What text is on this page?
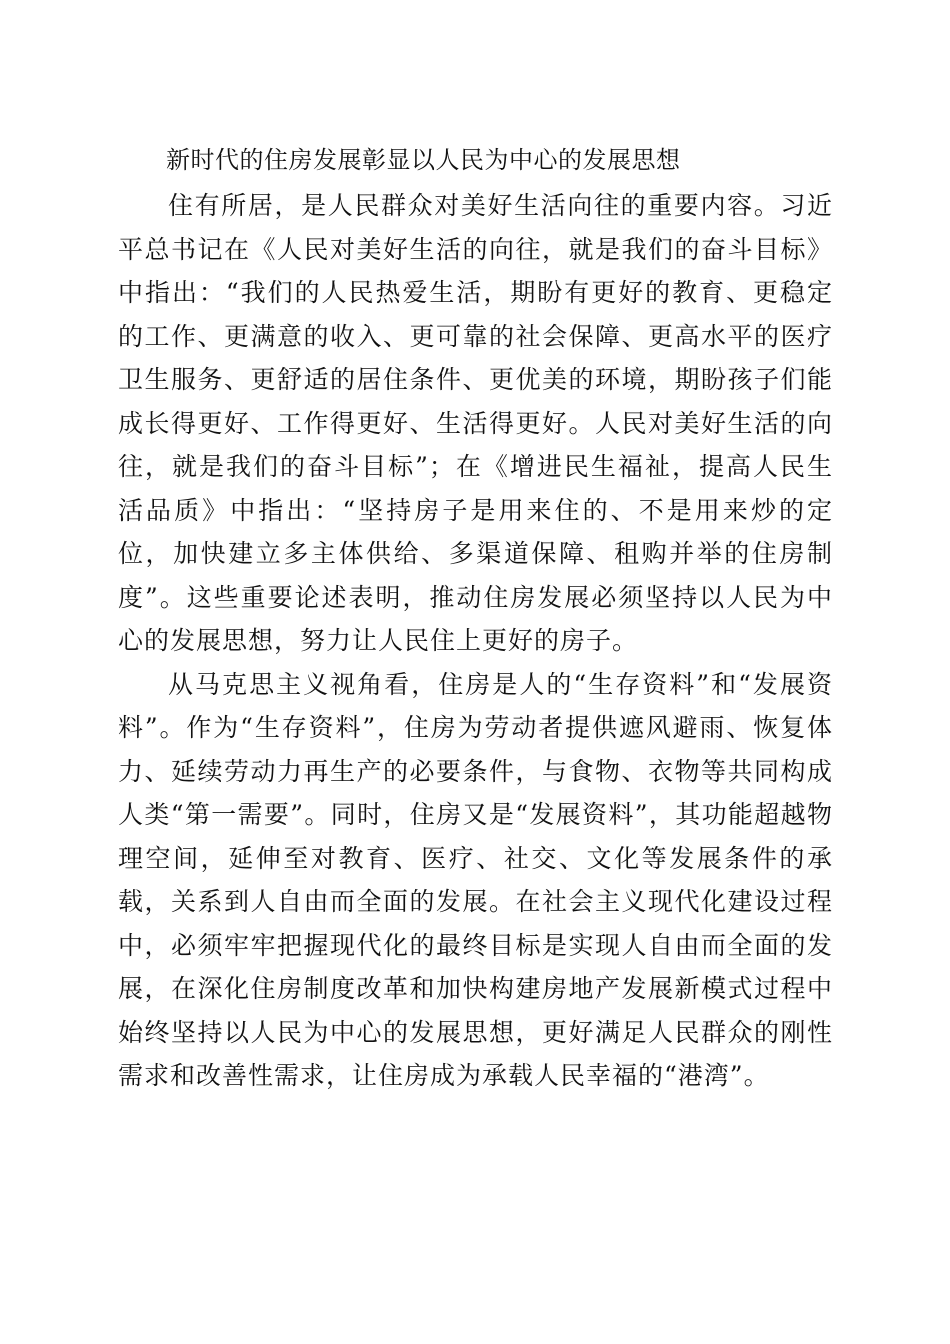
新时代的住房发展彰显以人民为中心的发展思想

住有所居，是人民群众对美好生活向往的重要内容。习近平总书记在《人民对美好生活的向往，就是我们的奋斗目标》中指出：“我们的人民热爱生活，期盼有更好的教育、更稳定的工作、更满意的收入、更可靠的社会保障、更高水平的医疗卫生服务、更舒适的居住条件、更优美的环境，期盼孩子们能成长得更好、工作得更好、生活得更好。人民对美好生活的向往，就是我们的奋斗目标”；在《增进民生福祉，提高人民生活品质》中指出：“坚持房子是用来住的、不是用来炒的定位，加快建立多主体供给、多渠道保障、租购并举的住房制度”。这些重要论述表明，推动住房发展必须坚持以人民为中心的发展思想，努力让人民住上更好的房子。

从马克思主义视角看，住房是人的“生存资料”和“发展资料”。作为“生存资料”，住房为劳动者提供遮风避雨、恢复体力、延续劳动力再生产的必要条件，与食物、衣物等共同构成人类“第一需要”。同时，住房又是“发展资料”，其功能超越物理空间，延伸至对教育、医疗、社交、文化等发展条件的承载，关系到人自由而全面的发展。在社会主义现代化建设过程中，必须牢牢把握现代化的最终目标是实现人自由而全面的发展，在深化住房制度改革和加快构建房地产发展新模式过程中始终坚持以人民为中心的发展思想，更好满足人民群众的刚性需求和改善性需求，让住房成为承载人民幸福的“港湾”。
